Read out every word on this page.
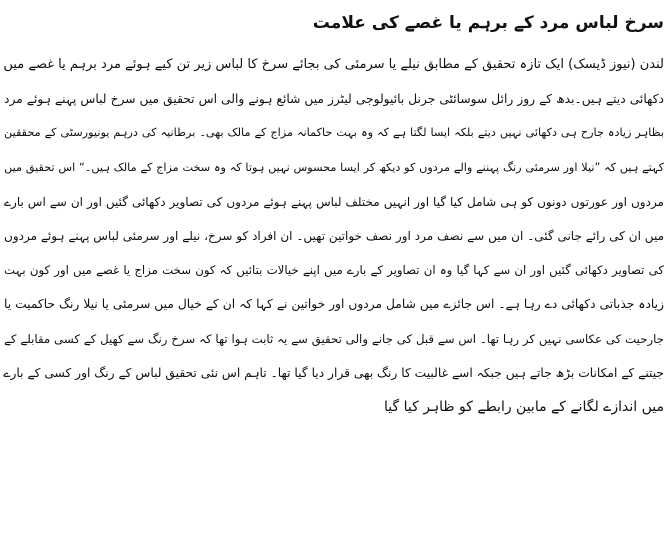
سرخ لباس مرد کے برہم یا غصے کی علامت
لندن (نیوز ڈیسک) ایک تازہ تحقیق کے مطابق نیلے یا سرمئی کی بجائے سرخ کا لباس زیر تن کیے ہوئے مرد برہم یا غصے میں
دکھائی دیتے ہیں۔بدھ کے روز رائل سوسائٹی جرنل بائیولوجی لیٹرز میں شائع ہونے والی اس تحقیق میں سرخ لباس پہنے ہوئے مرد
بظاہر زیادہ جارح ہی دکھائی نہیں دیتے بلکہ ایسا لگتا ہے کہ وہ بہت حاکمانہ مزاج کے مالک بھی۔ برطانیہ کی درہم یونیورسٹی کے محققین
کہتے ہیں کہ ”نیلا اور سرمئی رنگ پہننے والے مردوں کو دیکھ کر ایسا محسوس نہیں ہوتا کہ وہ سخت مزاج کے مالک ہیں۔“ اس تحقیق میں
مردوں اور عورتوں دونوں کو ہی شامل کیا گیا اور انہیں مختلف لباس پہنے ہوئے مردوں کی تصاویر دکھائی گئیں اور ان سے اس بارے
میں ان کی رائے جانی گئی۔ ان میں سے نصف مرد اور نصف خواتین تھیں۔ ان افراد کو سرخ، نیلے اور سرمئی لباس پہنے ہوئے مردوں
کی تصاویر دکھائی گئیں اور ان سے کہا گیا وہ ان تصاویر کے بارے میں اپنے خیالات بتائیں کہ کون سخت مزاج یا غصے میں اور کون بہت
زیادہ جذباتی دکھائی دے رہا ہے۔ اس جائزے میں شامل مردوں اور خواتین نے کہا کہ ان کے خیال میں سرمئی یا نیلا رنگ حاکمیت یا
جارحیت کی عکاسی نہیں کر رہا تھا۔ اس سے قبل کی جانے والی تحقیق سے یہ ثابت ہوا تھا کہ سرخ رنگ سے کھیل کے کسی مقابلے کے
جیتنے کے امکانات بڑھ جاتے ہیں جبکہ اسے غالبیت کا رنگ بھی قرار دیا گیا تھا۔ تاہم اس نئی تحقیق لباس کے رنگ اور کسی کے بارے
میں اندازے لگانے کے مابین رابطے کو ظاہر کیا گیا
